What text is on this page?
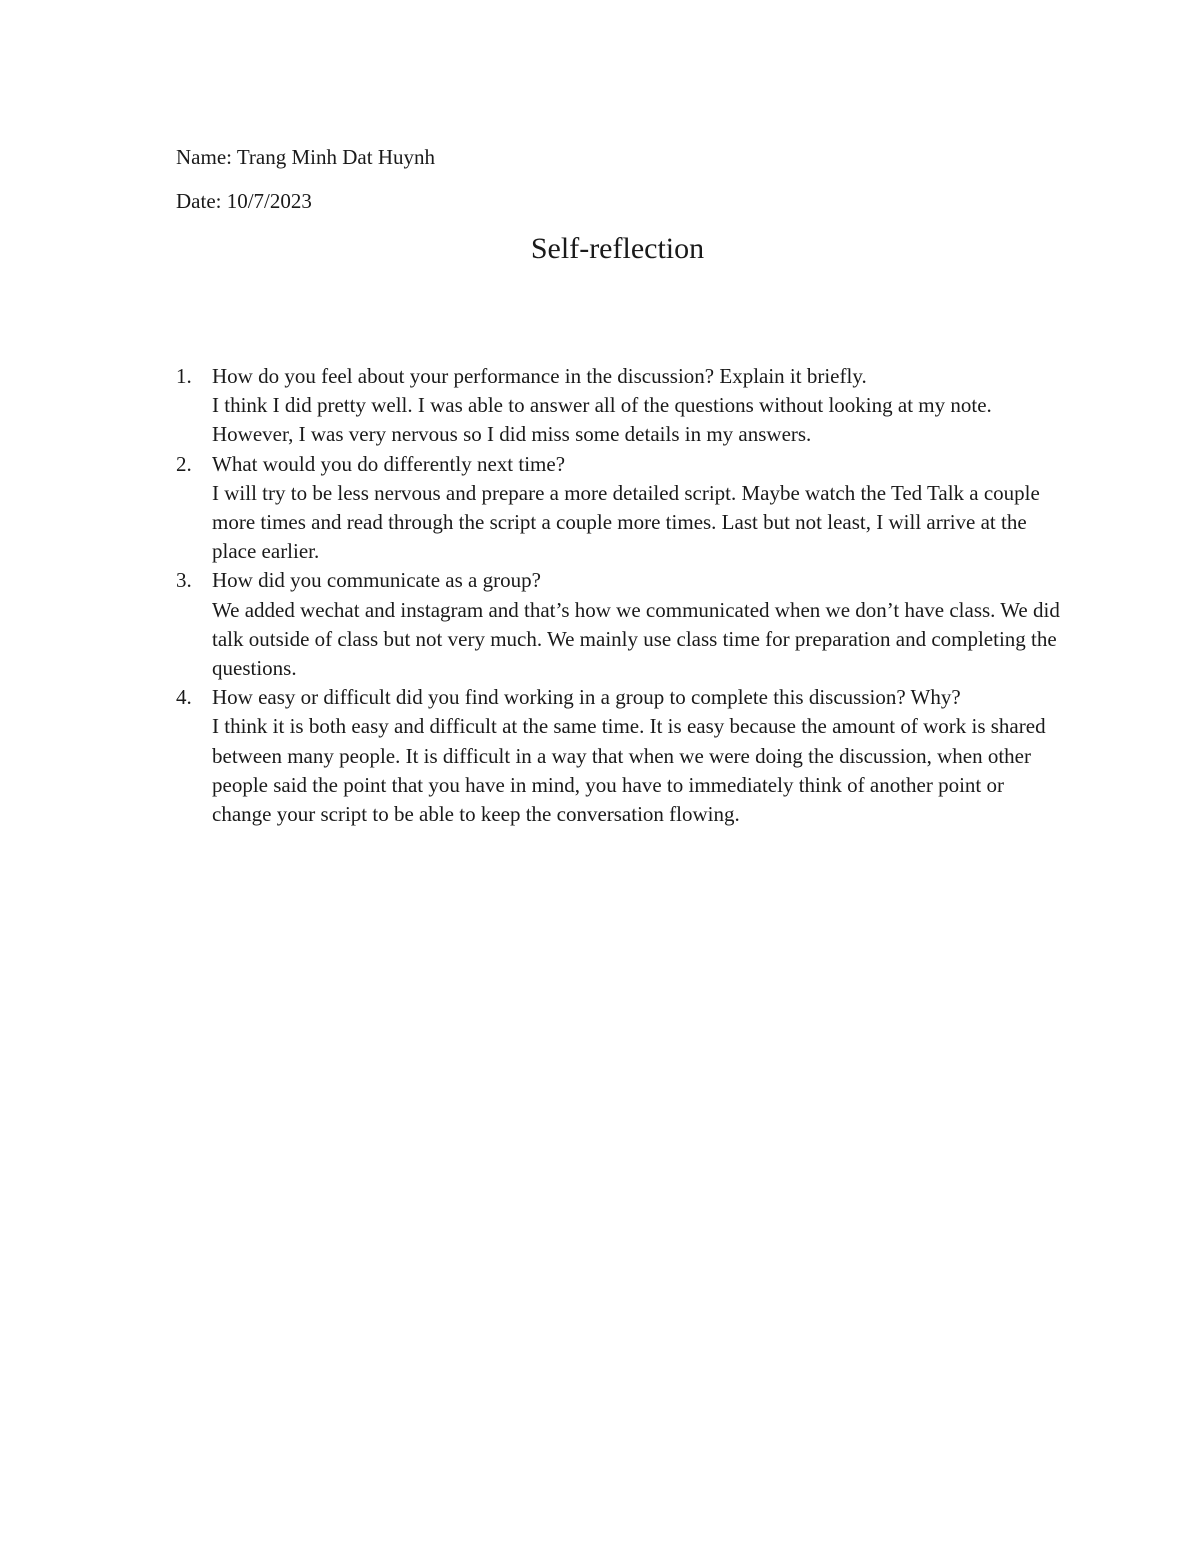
Name: Trang Minh Dat Huynh
Date: 10/7/2023
Self-reflection
1. How do you feel about your performance in the discussion? Explain it briefly.
I think I did pretty well. I was able to answer all of the questions without looking at my note. However, I was very nervous so I did miss some details in my answers.
2. What would you do differently next time?
I will try to be less nervous and prepare a more detailed script. Maybe watch the Ted Talk a couple more times and read through the script a couple more times. Last but not least, I will arrive at the place earlier.
3. How did you communicate as a group?
We added wechat and instagram and that’s how we communicated when we don’t have class. We did talk outside of class but not very much. We mainly use class time for preparation and completing the questions.
4. How easy or difficult did you find working in a group to complete this discussion? Why?
I think it is both easy and difficult at the same time. It is easy because the amount of work is shared between many people. It is difficult in a way that when we were doing the discussion, when other people said the point that you have in mind, you have to immediately think of another point or change your script to be able to keep the conversation flowing.
